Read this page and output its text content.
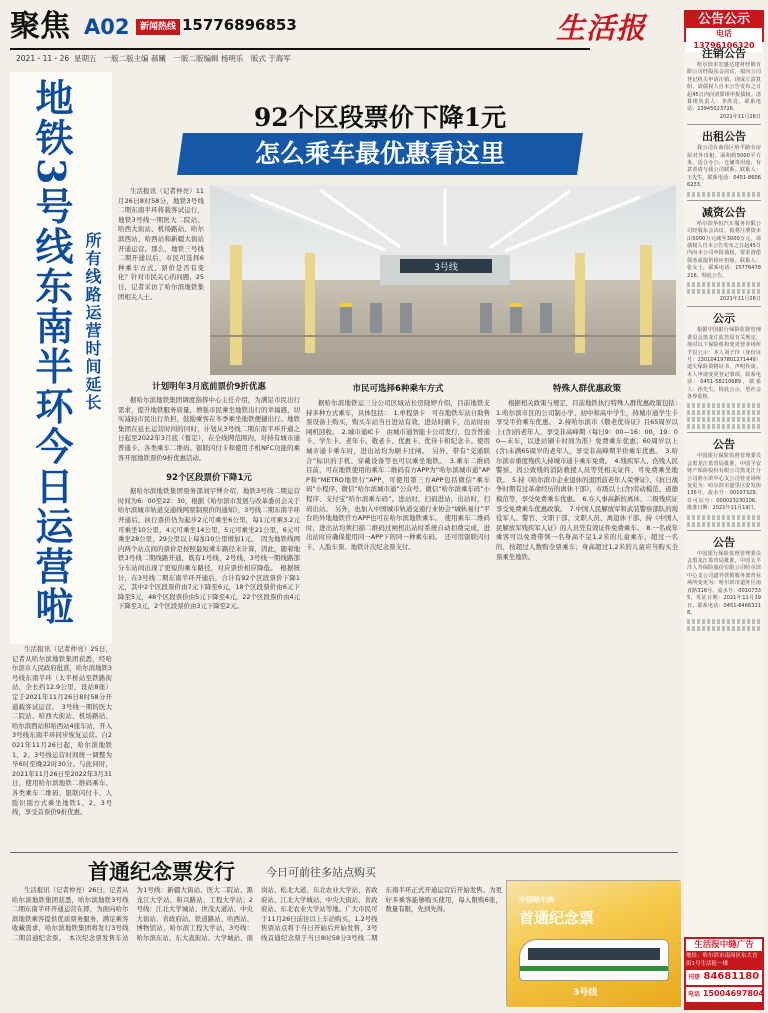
聚焦 A02	新闻热线 15776896853	生活报
2021・11・26 星期五 一版二版主编 郝曦　一版二版编辑 杨明乐　版式 于海军
公告公示
电话 13796106320
注销公告

哈尔滨市宏盛达建材经销有限公司经股东会决议，拟向公司登记机关申请注销，现成立清算组，请债权人自本公告发布之日起45日内向清算组申报债权。清算组负责人：李洪亮，联系电话：13945023726。

2021年11月26日
出租公告

我公司在南岗区哈平路有房屋对外出租，面积约5000平方米，适合办公、仓储等用途，有意者请与我公司联系。联系人：王先生，联系电话：0451-86066233。

减资公告

哈尔滨华恒汽车服务有限公司经股东会决议，拟将注册资本由5000万元减至3000万元，请债权人自本公告发布之日起45日内向本公司申报债权，要求清偿债务或提供相应担保。联系人：张女士，联系电话：15776478216。特此公告。

2021年11月26日
公示

根据中国银行保险监督管理委员会黑龙江监管局有关规定，现对以下保险机构变更营业场所予以公示：本人刘子玲（身份证号：230104197801271449）遗失保险资格证书，声明作废。本人申请变更登记事项，联系电话：0451-58210689，联系人：孙先生。特此公示，望社会各界监督。

公告

中国银行保险监督管理委员会黑龙江监管局批准，中国平安财产保险股份有限公司黑龙江分公司哈尔滨中心支公司营业场所变更为：哈尔滨市道里区安发街136号。流水号：00107329，许可证号：000023230106，批准日期：2021年11月19日。

公告

中国银行保险监督管理委员会黑龙江监管局批准，中国太平洋人寿保险股份有限公司哈尔滨中心支公司道外营销服务部营业场所变更为：哈尔滨市道外区南直路316号。流水号：00107335，发证日期：2021年11月19日。联系电话：0451-84663218。

生活报中缝广告
地址：哈尔滨市南岗区东大直街1号生活报一楼
刊登 84681180
电话 15004697804
地铁3号线东南半环今日运营啦 所有线路运营时间延长

生活报讯（记者仲亮）25日，记者从哈尔滨地铁集团获悉，经哈尔滨市人民政府批准，哈尔滨地铁3号线东南半环（太平桥站至铁路街站，全长约12.9公里，设站8座）定于2021年11月26日8时58分开通载客试运营。　3号线一期的医大二院站、哈西大街站、机场路站、哈尔滨西站和哈西站4座车站，开入3号线东南半环同步恢复运营。自2021年11月26日起，哈尔滨地铁1、2、3号线运营时间统一调整为早6时至晚22时30分。与此同时，2021年11月26日至2022年3月31日，使用哈尔滨地铁二维码乘车、各类乘车二维码、银联闪付卡、人脸识别方式乘坐地铁1、2、3号线，享受首票价9折优惠。

92个区段票价下降1元
怎么乘车最优惠看这里

生活报讯（记者仲亮）11月26日8时58分，地铁3号线二期东南半环将载客试运行，地铁3号线一期医大二院站、哈西大街站、机场路站、哈尔滨西站、哈西站和新疆大街站开通运营。那么，地铁三号线二期开通以后，市民可选择6种乘车方式、票价是否有变化？针对市民关心的问题，25日，记者采访了哈尔滨地铁集团相关人士。

3号线
计划明年3月底前票价9折优惠

据哈尔滨地铁集团调度指挥中心主任介绍，为满足市民出行需求，提升地铁服务质量，增强市民乘坐地铁出行的幸福感，切实减轻市民出行负担，鼓励乘客在冬季乘坐地铁便捷出行。地铁集团在延长运营时间的同时，计划从3号线二期东南半环开通之日起至2022年3月底（暂定），在全线网范围内，对持有城市通普通卡、各类乘车二维码、银联闪付卡和使用手机NFC功能的乘客开展地铁票价9折优惠活动。

92个区段票价下降1元

据哈尔滨地铁集团票务部刘宇博介绍，地铁3号线二期运营时间为6：00至22：30，根据《哈尔滨市发展与改革委员会关于哈尔滨城市轨道交通线网票制票价的通知》，3号线二期东南半环开通后，执行票价仍为起步2元可乘坐6公里，每1元可乘3.2元可乘坐10公里，4元可乘坐14公里，5元可乘坐21公里，6元可乘坐28公里，29公里以上每加10公里增加1元。　因为地铁线网内两个站点间的票价是按照最短乘车路径来计算，因此，随着地铁3号线二期线路开通，既有1号线、2号线、3号线一期线路部分车站间出现了更短的乘车路径，对应票价相应降低。　根据统计，在3号线二期东南半环开通后，合计有92个区段票价下降1元，其中2个区段票价由7元下降至6元，18个区段票价由6元下降至5元，48个区段票价由5元下降至4元，22个区段票价由4元下降至3元，2个区段票价由3元下降至2元。

市民可选择6种乘车方式

据哈尔滨地铁运三分公司区域站长房晓婷介绍，目前地铁支持多种方式乘车，具体包括：　1.单程票卡　可在地铁车站自助售票设备上购买，购买车站当日进站有效，进站时刷卡，出站时由闸机回收。　2.城市通IC卡　由城市通智能卡公司发行，包含普通卡、学生卡、老年卡、敬老卡、优惠卡、优待卡和纪念卡。使用城市通卡乘车时，进出站均为刷卡过闸。　另外，带有“交通联合”标识的手机、穿戴设备等也可以乘坐地铁。　3.乘车二维码　目前，可在地铁使用的乘车二维码有方APP为“哈尔滨城市通”APP和“METRO地铁行”APP，可使用第三方APP包括微信“乘车码”小程序、微信“哈尔滨城市通”公众号、微信“哈尔滨乘车码”小程序、支付宝“哈尔滨乘车码”。进站时，扫码进站，出站时，扫码出站。　另外，也加入中国城市轨道交通行业协会“城轨易付”平台的外地地铁官方APP也可在哈尔滨地铁乘车。　使用乘车二维码时，进出站均须扫描二维码过闸机出站时系统自动扣费完成，进出站时应确保使用同一APP下的同一种乘车码。　还可用银联闪付卡、人脸车票、地铁计次纪念票支付。

特殊人群优惠政策

根据相关政策与规定，目前地铁执行特殊人群优惠政策包括：　1.哈尔滨市区的公司制小学、初中和高中学生，持城市通学生卡享受半价乘车优惠。　2.持哈尔滨市《敬老优待证》且65周岁以上(含)的老年人，享受非高峰期（每日9：00—16：00，19：00—末车，以进站刷卡时间为准）免费乘车优惠；60周岁以上(含)未满65周岁的老年人，享受非高峰期半价乘车优惠。　3.哈尔滨市重度残疾人持城市通卡乘车免费。　4.残疾军人、伤残人民警察、因公致残的消防救援人员等凭相关证件，可免费乘坐地铁。　5.持《哈尔滨市企业退休的退团前老年人荣誉证》、《抗日战争时期有过革命经历的离休干部》、市级以上(含)劳动模范、道德模范等，享受免费乘车优惠。　6.在人事高新的离休、二级残疾证享受免费乘车优惠政策。　7.中国人民解放军和武装警察部队的现役军人、警官、文职干部、文职人员、离退休干部、持《中国人民解放军残疾军人证》的人员凭有效证件免费乘车。　8.一名成年乘客可以免费带领一名身高不足1.2米的儿童乘车，超过一名的，按超过人数购全票乘车；身高超过1.2米的儿童应当购买全票乘坐地铁。

首通纪念票发行	今日可前往多站点购买

生活报讯（记者仲亮）26日，记者从哈尔滨地铁集团获悉，哈尔滨地铁3号线二期东南半环开通运营在即，为面向哈尔滨地铁乘客提供优质票务服务，满足乘客收藏需求，哈尔滨地铁集团将发行3号线二期首通纪念票。　本次纪念票发售车站为1号线：新疆大街站、医大二院站、黑龙江大学站、和兴路站、工程大学站；2号线：江北大学城站、世茂大道站、中央大街站、省政府站、铁道路站、哈西站、博物馆站、哈尔滨工程大学站，3号线：哈尔滨东站、东大直街站、大学城站、南岗站、松北大道、东北农业大学站、省政府站、江北大学城站、中央大街站、省政府站、东北农业大学站等地。广大市民可于11月26日前往以上车站购买，1.2号线售票站点将于当日开始后开始发售，3号线首通纪念票于当日8时58分3号线二期东南半环正式开通运营后开始发售。为更好多乘客能够购买使用，每人限购6张，数量有限，先到先得。

中国哈尔滨
首通纪念票
3号线
